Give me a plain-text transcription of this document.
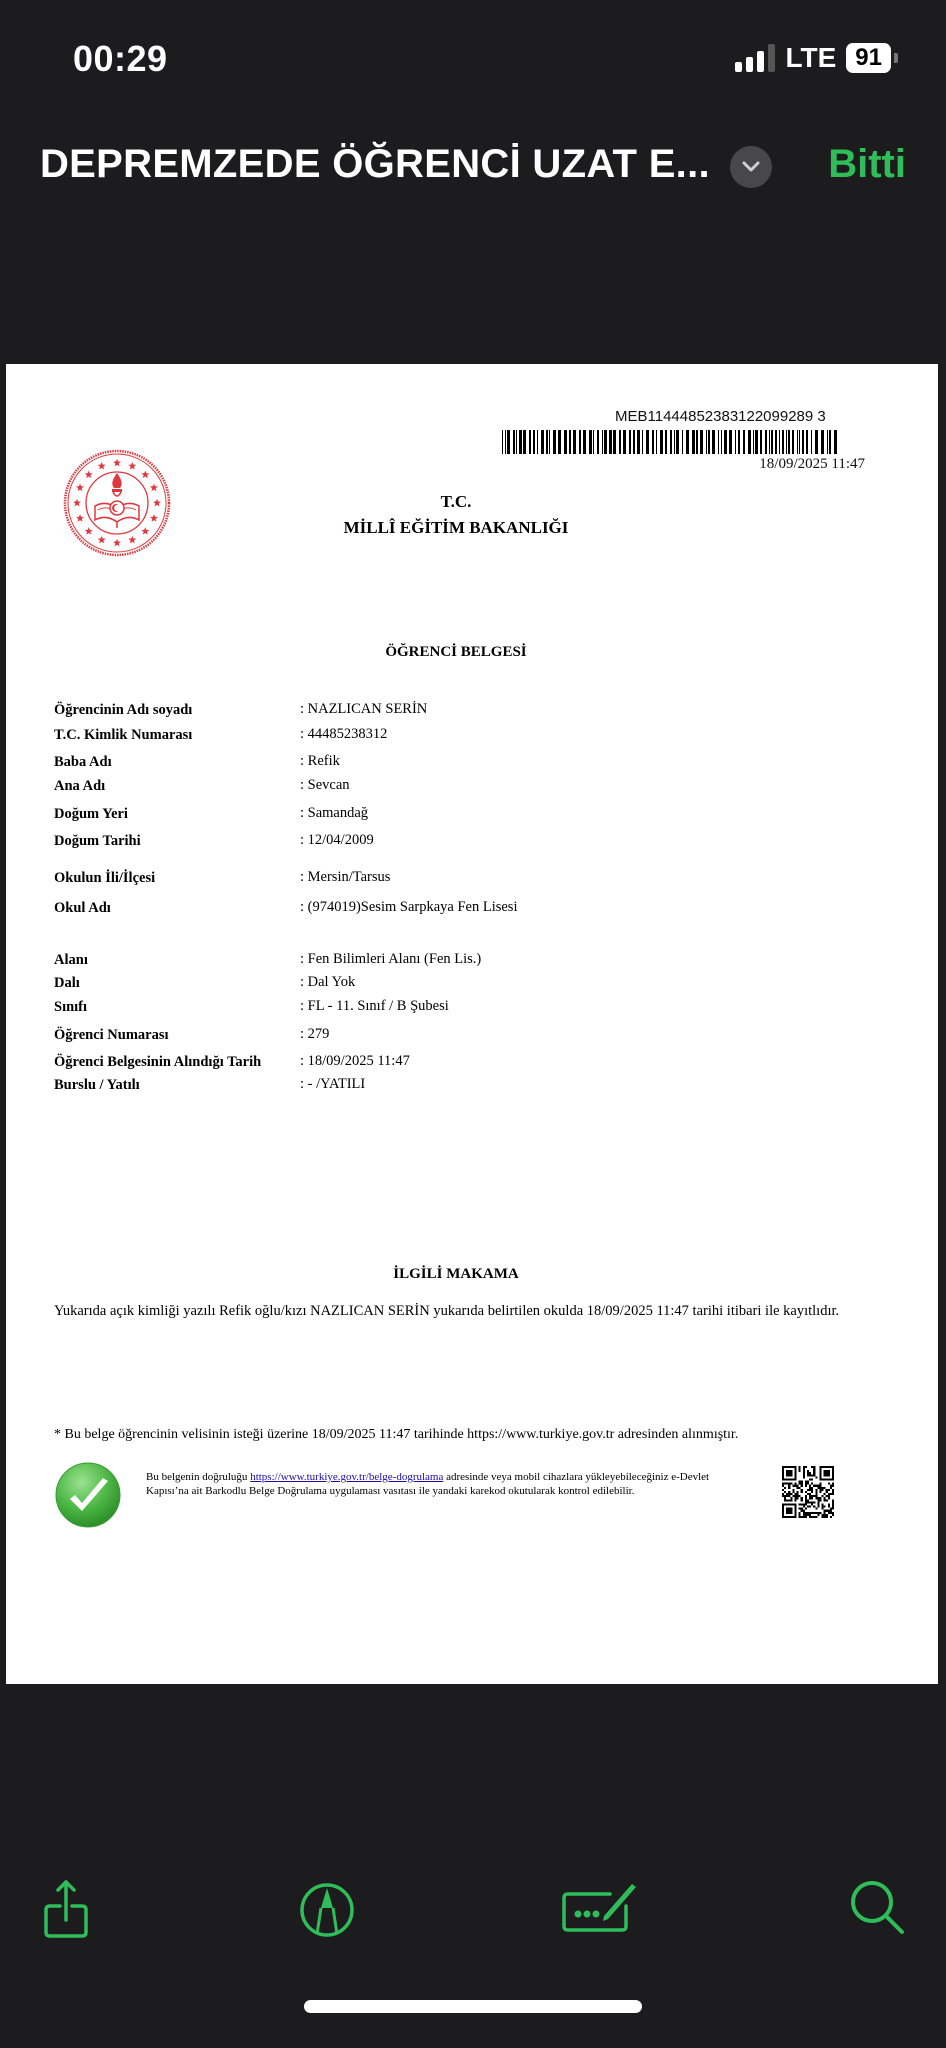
00:29	LTE 91
DEPREMZEDE ÖĞRENCİ UZAT E...	Bitti
MEB11444852383122099289 3
18/09/2025 11:47
T.C.
MİLLÎ EĞİTİM BAKANLIĞI
ÖĞRENCİ BELGESİ
Öğrencinin Adı soyadı	: NAZLICAN SERİN
T.C. Kimlik Numarası	: 44485238312
Baba Adı	: Refik
Ana Adı	: Sevcan
Doğum Yeri	: Samandağ
Doğum Tarihi	: 12/04/2009
Okulun İli/İlçesi	: Mersin/Tarsus
Okul Adı	: (974019)Sesim Sarpkaya Fen Lisesi
Alanı	: Fen Bilimleri Alanı (Fen Lis.)
Dalı	: Dal Yok
Sınıfı	: FL - 11. Sınıf / B Şubesi
Öğrenci Numarası	: 279
Öğrenci Belgesinin Alındığı Tarih	: 18/09/2025 11:47
Burslu / Yatılı	: - /YATILI
İLGİLİ MAKAMA
Yukarıda açık kimliği yazılı Refik oğlu/kızı NAZLICAN SERİN yukarıda belirtilen okulda 18/09/2025 11:47 tarihi itibari ile kayıtlıdır.
* Bu belge öğrencinin velisinin isteği üzerine 18/09/2025 11:47 tarihinde https://www.turkiye.gov.tr adresinden alınmıştır.
Bu belgenin doğruluğu https://www.turkiye.gov.tr/belge-dogrulama adresinde veya mobil cihazlara yükleyebileceğiniz e-Devlet Kapısı’na ait Barkodlu Belge Doğrulama uygulaması vasıtası ile yandaki karekod okutularak kontrol edilebilir.
